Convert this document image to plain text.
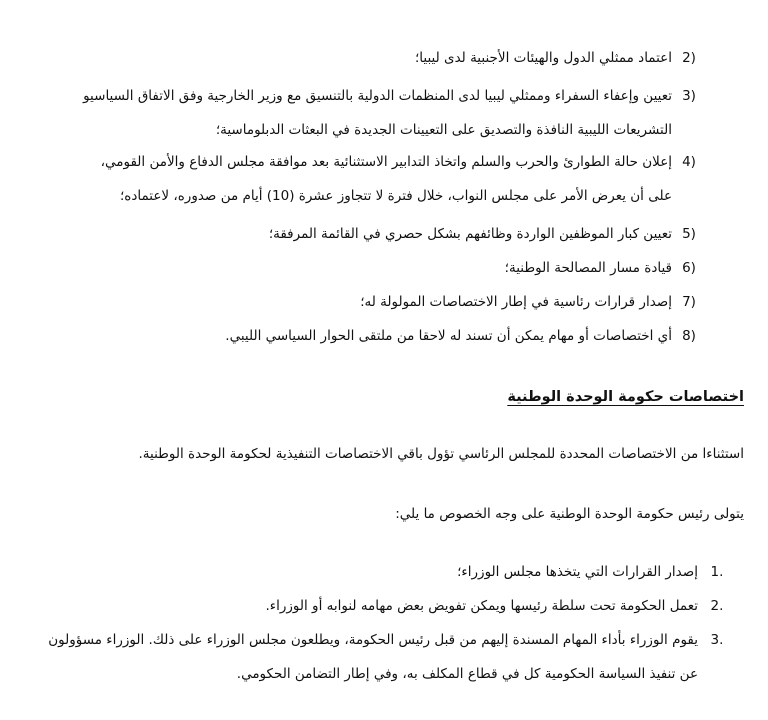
2)
اعتماد ممثلي الدول والهيئات الأجنبية لدى ليبيا؛
3)
تعيين وإعفاء السفراء وممثلي ليبيا لدى المنظمات الدولية بالتنسيق مع وزير الخارجية وفق الاتفاق السياسيو
التشريعات الليبية النافذة والتصديق على التعيينات الجديدة في البعثات الدبلوماسية؛
4)
إعلان حالة الطوارئ والحرب والسلم واتخاذ التدابير الاستثنائية بعد موافقة مجلس الدفاع والأمن القومي،
على أن يعرض الأمر على مجلس النواب، خلال فترة لا تتجاوز عشرة (10) أيام من صدوره، لاعتماده؛
5)
تعيين كبار الموظفين الواردة وظائفهم بشكل حصري في القائمة المرفقة؛
6)
قيادة مسار المصالحة الوطنية؛
7)
إصدار قرارات رئاسية في إطار الاختصاصات المولولة له؛
8)
أي اختصاصات أو مهام يمكن أن تسند له لاحقا من ملتقى الحوار السياسي الليبي.
اختصاصات حكومة الوحدة الوطنية
استثناءا من الاختصاصات المحددة للمجلس الرئاسي تؤول باقي الاختصاصات التنفيذية لحكومة الوحدة الوطنية.
يتولى رئيس حكومة الوحدة الوطنية على وجه الخصوص ما يلي:
1.
إصدار القرارات التي يتخذها مجلس الوزراء؛
2.
تعمل الحكومة تحت سلطة رئيسها ويمكن تفويض بعض مهامه لنوابه أو الوزراء.
3.
يقوم الوزراء بأداء المهام المسندة إليهم من قبل رئيس الحكومة، ويطلعون مجلس الوزراء على ذلك. الوزراء مسؤولون
عن تنفيذ السياسة الحكومية كل في قطاع المكلف به، وفي إطار التضامن الحكومي.
